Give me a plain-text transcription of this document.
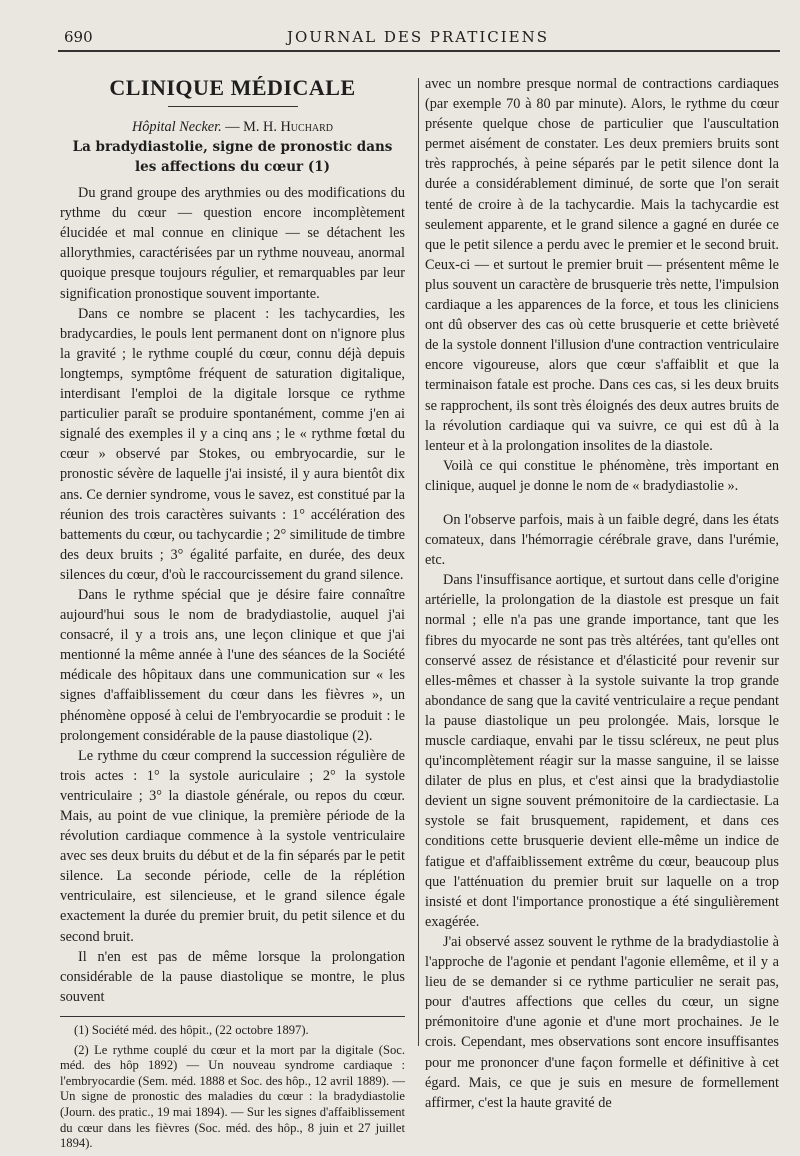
690	JOURNAL DES PRATICIENS
CLINIQUE MÉDICALE

Hôpital Necker. — M. H. Huchard

La bradydiastolie, signe de pronostic dans les affections du cœur (1)

Du grand groupe des arythmies ou des modifications du rythme du cœur — question encore incomplètement élucidée et mal connue en clinique — se détachent les allorythmies, caractérisées par un rythme nouveau, anormal quoique presque toujours régulier, et remarquables par leur signification pronostique souvent importante.

Dans ce nombre se placent : les tachycardies, les bradycardies, le pouls lent permanent dont on n'ignore plus la gravité ; le rythme couplé du cœur, connu déjà depuis longtemps, symptôme fréquent de saturation digitalique, interdisant l'emploi de la digitale lorsque ce rythme particulier paraît se produire spontanément, comme j'en ai signalé des exemples il y a cinq ans ; le « rythme fœtal du cœur » observé par Stokes, ou embryocardie, sur le pronostic sévère de laquelle j'ai insisté, il y aura bientôt dix ans. Ce dernier syndrome, vous le savez, est constitué par la réunion des trois caractères suivants : 1° accélération des battements du cœur, ou tachycardie ; 2° similitude de timbre des deux bruits ; 3° égalité parfaite, en durée, des deux silences du cœur, d'où le raccourcissement du grand silence.

Dans le rythme spécial que je désire faire connaître aujourd'hui sous le nom de bradydiastolie, auquel j'ai consacré, il y a trois ans, une leçon clinique et que j'ai mentionné la même année à l'une des séances de la Société médicale des hôpitaux dans une communication sur « les signes d'affaiblissement du cœur dans les fièvres », un phénomène opposé à celui de l'embryocardie se produit : le prolongement considérable de la pause diastolique (2).

Le rythme du cœur comprend la succession régulière de trois actes : 1° la systole auriculaire ; 2° la systole ventriculaire ; 3° la diastole générale, ou repos du cœur. Mais, au point de vue clinique, la première période de la révolution cardiaque commence à la systole ventriculaire avec ses deux bruits du début et de la fin séparés par le petit silence. La seconde période, celle de la réplétion ventriculaire, est silencieuse, et le grand silence égale exactement la durée du premier bruit, du petit silence et du second bruit.

Il n'en est pas de même lorsque la prolongation considérable de la pause diastolique se montre, le plus souvent

(1) Société méd. des hôpit., (22 octobre 1897).

(2) Le rythme couplé du cœur et la mort par la digitale (Soc. méd. des hôp 1892) — Un nouveau syndrome cardiaque : l'embryocardie (Sem. méd. 1888 et Soc. des hôp., 12 avril 1889). — Un signe de pronostic des maladies du cœur : la bradydiastolie (Journ. des pratic., 19 mai 1894). — Sur les signes d'affaiblissement du cœur dans les fièvres (Soc. méd. des hôp., 8 juin et 27 juillet 1894).

avec un nombre presque normal de contractions cardiaques (par exemple 70 à 80 par minute). Alors, le rythme du cœur présente quelque chose de particulier que l'auscultation permet aisément de constater. Les deux premiers bruits sont très rapprochés, à peine séparés par le petit silence dont la durée a considérablement diminué, de sorte que l'on serait tenté de croire à de la tachycardie. Mais la tachycardie est seulement apparente, et le grand silence a gagné en durée ce que le petit silence a perdu avec le premier et le second bruit. Ceux-ci — et surtout le premier bruit — présentent même le plus souvent un caractère de brusquerie très nette, l'impulsion cardiaque a les apparences de la force, et tous les cliniciens ont dû observer des cas où cette brusquerie et cette brièveté de la systole donnent l'illusion d'une contraction ventriculaire encore vigoureuse, alors que cœur s'affaiblit et que la terminaison fatale est proche. Dans ces cas, si les deux bruits se rapprochent, ils sont très éloignés des deux autres bruits de la révolution cardiaque qui va suivre, ce qui est dû à la lenteur et à la prolongation insolites de la diastole.

Voilà ce qui constitue le phénomène, très important en clinique, auquel je donne le nom de « bradydiastolie ».

On l'observe parfois, mais à un faible degré, dans les états comateux, dans l'hémorragie cérébrale grave, dans l'urémie, etc.

Dans l'insuffisance aortique, et surtout dans celle d'origine artérielle, la prolongation de la diastole est presque un fait normal ; elle n'a pas une grande importance, tant que les fibres du myocarde ne sont pas très altérées, tant qu'elles ont conservé assez de résistance et d'élasticité pour revenir sur elles-mêmes et chasser à la systole suivante la trop grande abondance de sang que la cavité ventriculaire a reçue pendant la pause diastolique un peu prolongée. Mais, lorsque le muscle cardiaque, envahi par le tissu scléreux, ne peut plus qu'incomplètement réagir sur la masse sanguine, il se laisse dilater de plus en plus, et c'est ainsi que la bradydiastolie devient un signe souvent prémonitoire de la cardiectasie. La systole se fait brusquement, rapidement, et dans ces conditions cette brusquerie devient elle-même un indice de fatigue et d'affaiblissement extrême du cœur, beaucoup plus que l'atténuation du premier bruit sur laquelle on a trop insisté et dont l'importance pronostique a été singulièrement exagérée.

J'ai observé assez souvent le rythme de la bradydiastolie à l'approche de l'agonie et pendant l'agonie ellemême, et il y a lieu de se demander si ce rythme particulier ne serait pas, pour d'autres affections que celles du cœur, un signe prémonitoire d'une agonie et d'une mort prochaines. Je le crois. Cependant, mes observations sont encore insuffisantes pour me prononcer d'une façon formelle et définitive à cet égard. Mais, ce que je suis en mesure de formellement affirmer, c'est la haute gravité de
